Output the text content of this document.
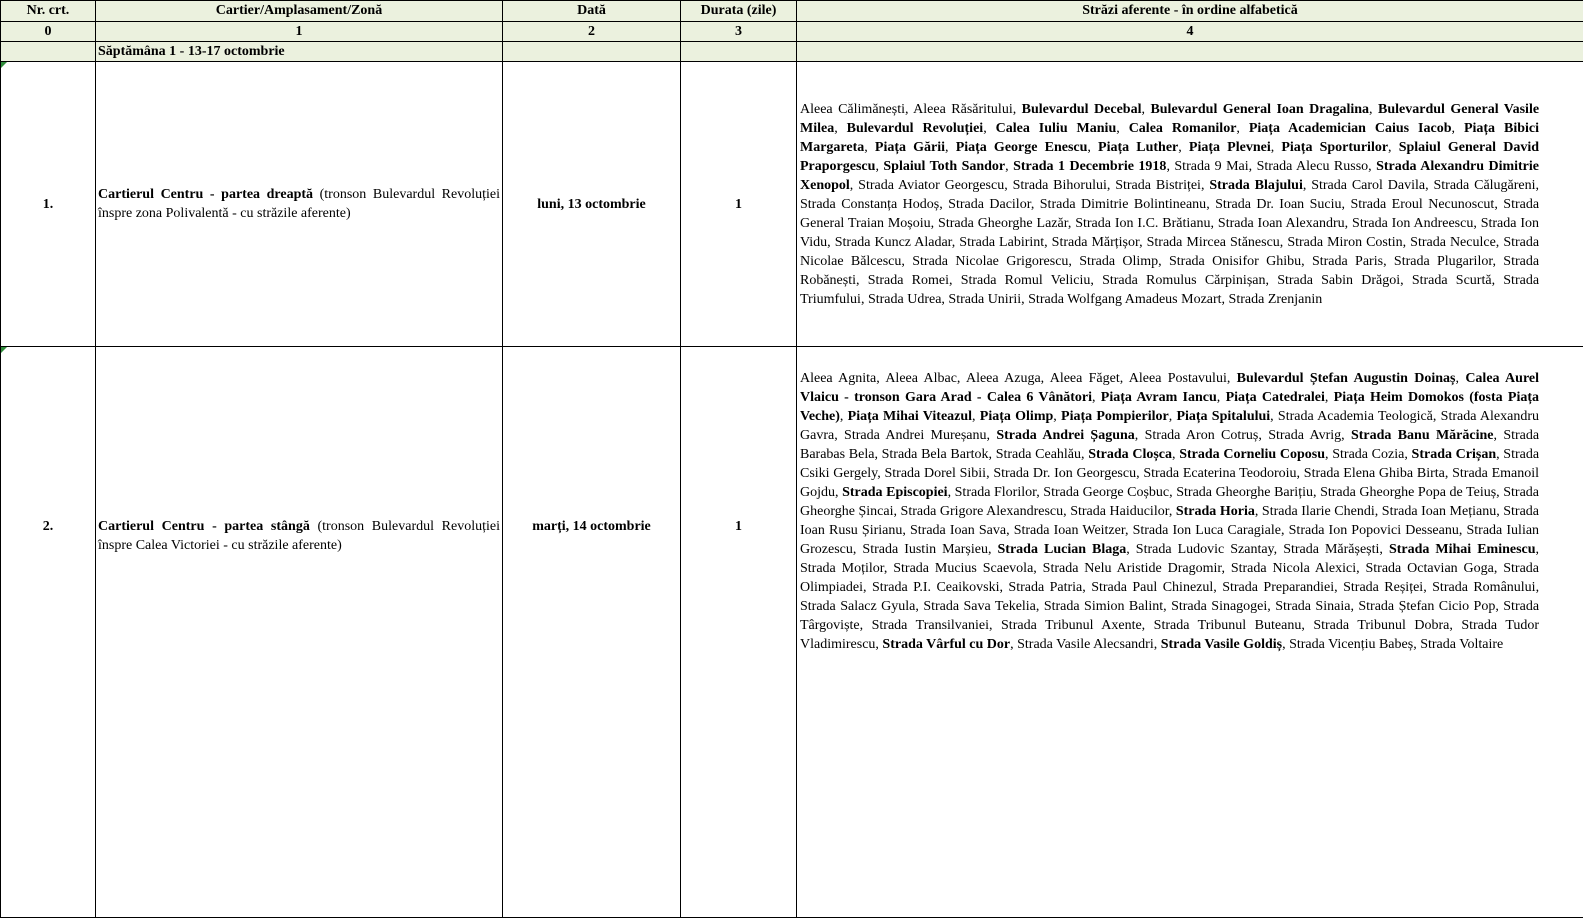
Nr. crt.	Cartier/Amplasament/Zonă	Dată	Durata (zile)	Străzi aferente - în ordine alfabetică
0	1	2	3	4
	Săptămâna 1 - 13-17 octombrie			

1.	Cartierul Centru - partea dreaptă (tronson Bulevardul Revoluției înspre zona Polivalentă - cu străzile aferente)	luni, 13 octombrie	1	Aleea Călimănești, Aleea Răsăritului, Bulevardul Decebal, Bulevardul General Ioan Dragalina, Bulevardul General Vasile Milea, Bulevardul Revoluției, Calea Iuliu Maniu, Calea Romanilor, Piața Academician Caius Iacob, Piața Bibici Margareta, Piața Gării, Piața George Enescu, Piața Luther, Piața Plevnei, Piața Sporturilor, Splaiul General David Praporgescu, Splaiul Toth Sandor, Strada 1 Decembrie 1918, Strada 9 Mai, Strada Alecu Russo, Strada Alexandru Dimitrie Xenopol, Strada Aviator Georgescu, Strada Bihorului, Strada Bistriței, Strada Blajului, Strada Carol Davila, Strada Călugăreni, Strada Constanța Hodoș, Strada Dacilor, Strada Dimitrie Bolintineanu, Strada Dr. Ioan Suciu, Strada Eroul Necunoscut, Strada General Traian Moșoiu, Strada Gheorghe Lazăr, Strada Ion I.C. Brătianu, Strada Ioan Alexandru, Strada Ion Andreescu, Strada Ion Vidu, Strada Kuncz Aladar, Strada Labirint, Strada Mărțișor, Strada Mircea Stănescu, Strada Miron Costin, Strada Neculce, Strada Nicolae Bălcescu, Strada Nicolae Grigorescu, Strada Olimp, Strada Onisifor Ghibu, Strada Paris, Strada Plugarilor, Strada Robănești, Strada Romei, Strada Romul Veliciu, Strada Romulus Cărpinișan, Strada Sabin Drăgoi, Strada Scurtă, Strada Triumfului, Strada Udrea, Strada Unirii, Strada Wolfgang Amadeus Mozart, Strada Zrenjanin

2.	Cartierul Centru - partea stângă (tronson Bulevardul Revoluției înspre Calea Victoriei - cu străzile aferente)	marți, 14 octombrie	1	Aleea Agnita, Aleea Albac, Aleea Azuga, Aleea Făget, Aleea Postavului, Bulevardul Ștefan Augustin Doinaș, Calea Aurel Vlaicu - tronson Gara Arad - Calea 6 Vânători, Piața Avram Iancu, Piața Catedralei, Piața Heim Domokos (fosta Piața Veche), Piața Mihai Viteazul, Piața Olimp, Piața Pompierilor, Piața Spitalului, Strada Academia Teologică, Strada Alexandru Gavra, Strada Andrei Mureșanu, Strada Andrei Șaguna, Strada Aron Cotruș, Strada Avrig, Strada Banu Mărăcine, Strada Barabas Bela, Strada Bela Bartok, Strada Ceahlău, Strada Cloșca, Strada Corneliu Coposu, Strada Cozia, Strada Crișan, Strada Csiki Gergely, Strada Dorel Sibii, Strada Dr. Ion Georgescu, Strada Ecaterina Teodoroiu, Strada Elena Ghiba Birta, Strada Emanoil Gojdu, Strada Episcopiei, Strada Florilor, Strada George Coșbuc, Strada Gheorghe Barițiu, Strada Gheorghe Popa de Teiuș, Strada Gheorghe Șincai, Strada Grigore Alexandrescu, Strada Haiducilor, Strada Horia, Strada Ilarie Chendi, Strada Ioan Mețianu, Strada Ioan Rusu Șirianu, Strada Ioan Sava, Strada Ioan Weitzer, Strada Ion Luca Caragiale, Strada Ion Popovici Desseanu, Strada Iulian Grozescu, Strada Iustin Marșieu, Strada Lucian Blaga, Strada Ludovic Szantay, Strada Mărășești, Strada Mihai Eminescu, Strada Moților, Strada Mucius Scaevola, Strada Nelu Aristide Dragomir, Strada Nicola Alexici, Strada Octavian Goga, Strada Olimpiadei, Strada P.I. Ceaikovski, Strada Patria, Strada Paul Chinezul, Strada Preparandiei, Strada Reșiței, Strada Românului, Strada Salacz Gyula, Strada Sava Tekelia, Strada Simion Balint, Strada Sinagogei, Strada Sinaia, Strada Ștefan Cicio Pop, Strada Târgoviște, Strada Transilvaniei, Strada Tribunul Axente, Strada Tribunul Buteanu, Strada Tribunul Dobra, Strada Tudor Vladimirescu, Strada Vârful cu Dor, Strada Vasile Alecsandri, Strada Vasile Goldiș, Strada Vicențiu Babeș, Strada Voltaire
